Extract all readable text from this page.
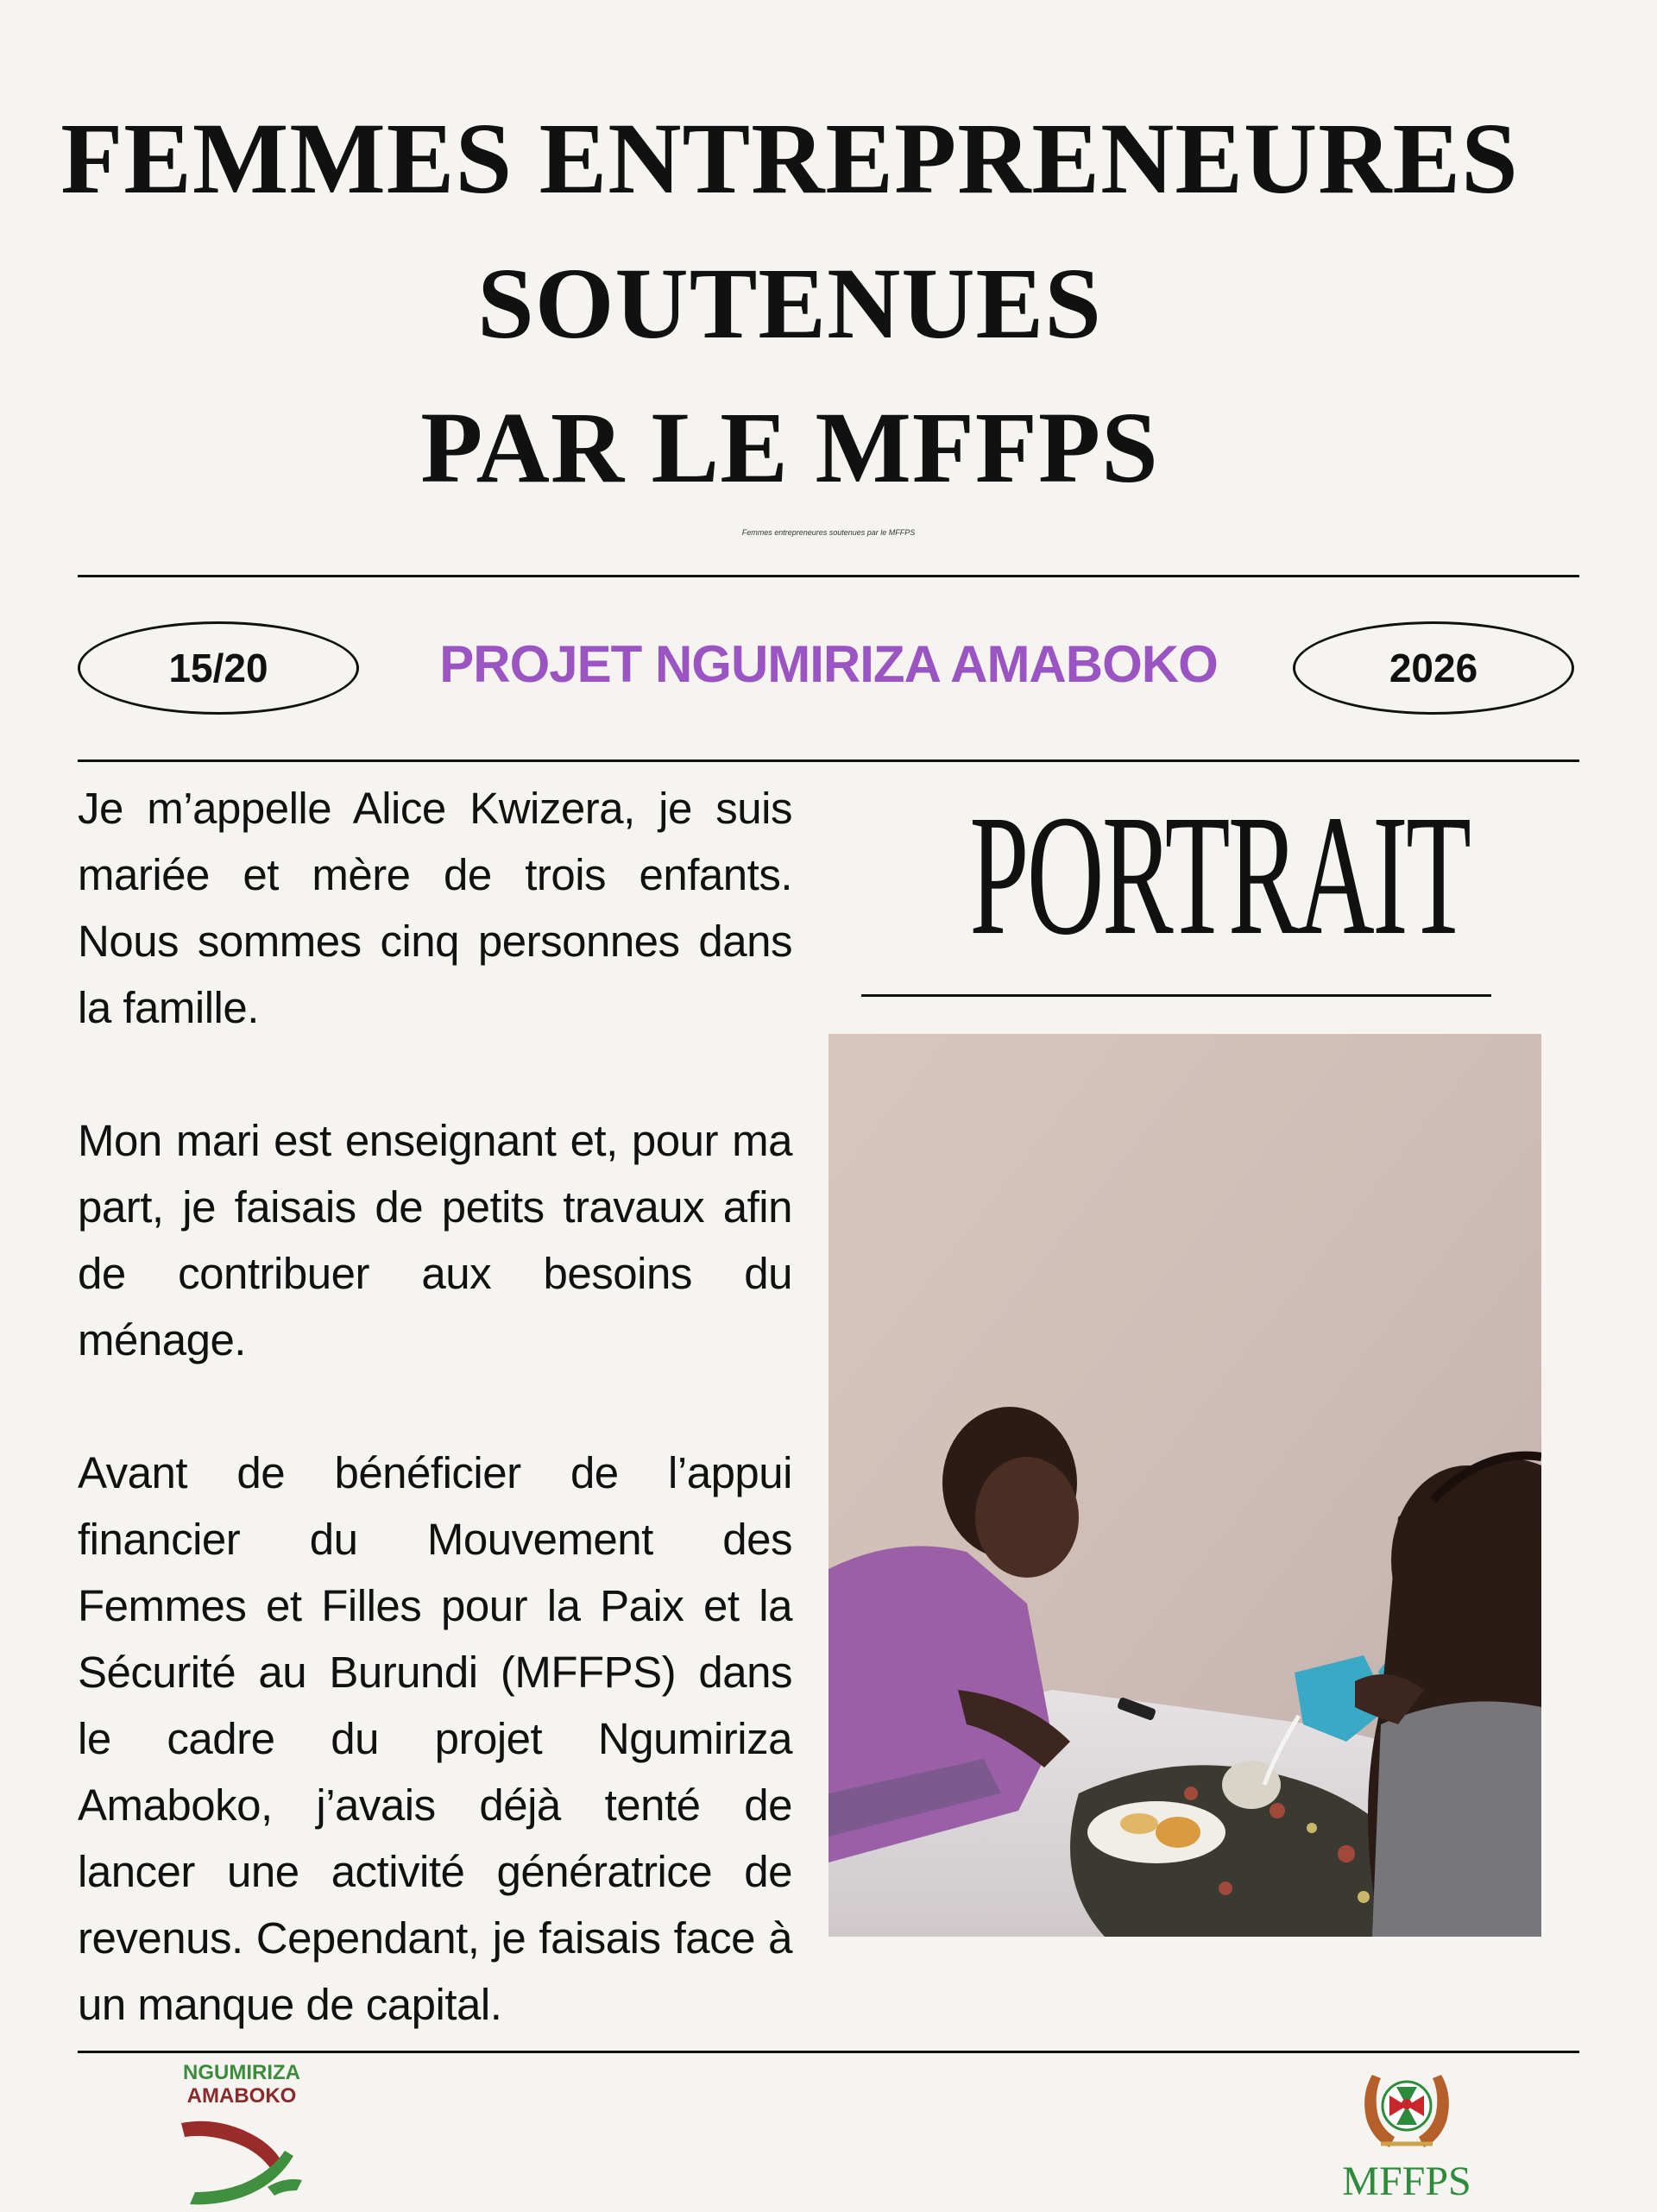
FEMMES ENTREPRENEURES
SOUTENUES
PAR LE MFFPS
Femmes entrepreneures soutenues par le MFFPS
15/20	PROJET NGUMIRIZA AMABOKO	2026

Je m’appelle Alice Kwizera, je suis mariée et mère de trois enfants. Nous sommes cinq personnes dans la famille.

Mon mari est enseignant et, pour ma part, je faisais de petits travaux afin de contribuer aux besoins du ménage.

Avant de bénéficier de l’appui financier du Mouvement des Femmes et Filles pour la Paix et la Sécurité au Burundi (MFFPS) dans le cadre du projet Ngumiriza Amaboko, j’avais déjà tenté de lancer une activité génératrice de revenus. Cependant, je faisais face à un manque de capital.

PORTRAIT
NGUMIRIZA
AMABOKO
MFFPS
